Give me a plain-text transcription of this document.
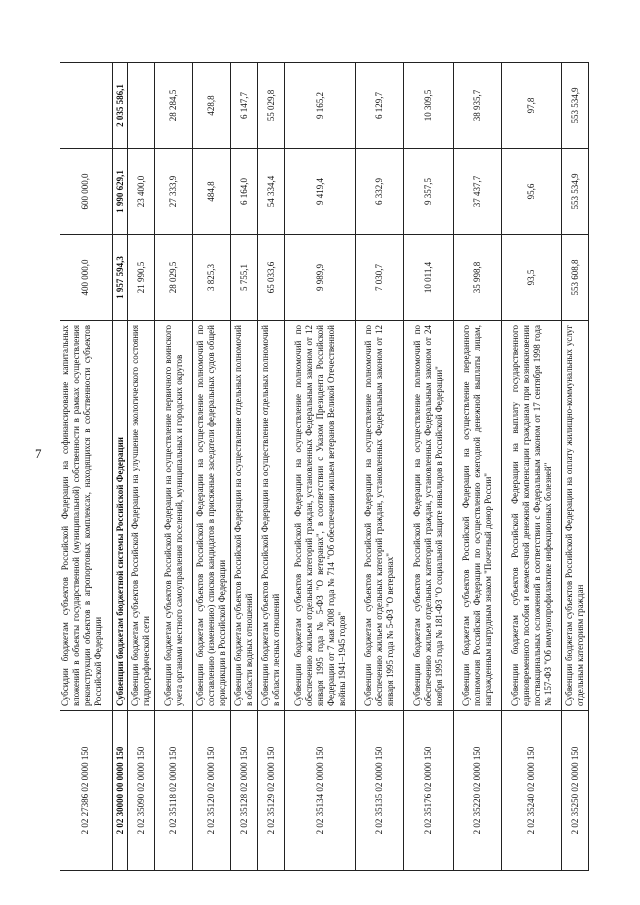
7
2 02 27386 02 0000 150	Субсидии бюджетам субъектов Российской Федерации на софинансирование капитальных вложений в объекты государственной (муниципальной) собственности в рамках осуществления реконструкции объектов в агропортовых комплексах, находящихся в собственности субъектов Российской Федерации	400 000,0	600 000,0	
2 02 30000 00 0000 150	Субвенции бюджетам бюджетной системы Российской Федерации	1 957 594,3	1 990 629,1	2 035 586,1
2 02 35090 02 0000 150	Субвенции бюджетам субъектов Российской Федерации на улучшение экологического состояния гидрографической сети	21 990,5	23 400,0	
2 02 35118 02 0000 150	Субвенции бюджетам субъектов Российской Федерации на осуществление первичного воинского учета органами местного самоуправления поселений, муниципальных и городских округов	28 029,5	27 333,9	28 284,5
2 02 35120 02 0000 150	Субвенции бюджетам субъектов Российской Федерации на осуществление полномочий по составлению (изменению) списков кандидатов в присяжные заседатели федеральных судов общей юрисдикции в Российской Федерации	3 825,3	484,8	428,8
2 02 35128 02 0000 150	Субвенции бюджетам субъектов Российской Федерации на осуществление отдельных полномочий в области водных отношений	5 755,1	6 164,0	6 147,7
2 02 35129 02 0000 150	Субвенции бюджетам субъектов Российской Федерации на осуществление отдельных полномочий в области лесных отношений	65 033,6	54 334,4	55 029,8
2 02 35134 02 0000 150	Субвенции бюджетам субъектов Российской Федерации на осуществление полномочий по обеспечению жильем отдельных категорий граждан, установленных Федеральным законом от 12 января 1995 года № 5-ФЗ "О ветеранах", в соответствии с Указом Президента Российской Федерации от 7 мая 2008 года № 714 "Об обеспечении жильем ветеранов Великой Отечественной войны 1941–1945 годов"	9 989,9	9 419,4	9 165,2
2 02 35135 02 0000 150	Субвенции бюджетам субъектов Российской Федерации на осуществление полномочий по обеспечению жильем отдельных категорий граждан, установленных Федеральным законом от 12 января 1995 года № 5-ФЗ "О ветеранах"	7 030,7	6 332,9	6 129,7
2 02 35176 02 0000 150	Субвенции бюджетам субъектов Российской Федерации на осуществление полномочий по обеспечению жильем отдельных категорий граждан, установленных Федеральным законом от 24 ноября 1995 года № 181-ФЗ "О социальной защите инвалидов в Российской Федерации"	10 011,4	9 357,5	10 309,5
2 02 35220 02 0000 150	Субвенции бюджетам субъектов Российской Федерации на осуществление переданного полномочия Российской Федерации по осуществлению ежегодной денежной выплаты лицам, награжденным нагрудным знаком "Почетный донор России"	35 998,8	37 437,7	38 935,7
2 02 35240 02 0000 150	Субвенции бюджетам субъектов Российской Федерации на выплату государственного единовременного пособия и ежемесячной денежной компенсации гражданам при возникновении поствакцинальных осложнений в соответствии с Федеральным законом от 17 сентября 1998 года № 157-ФЗ "Об иммунопрофилактике инфекционных болезней"	93,5	95,6	97,8
2 02 35250 02 0000 150	Субвенции бюджетам субъектов Российской Федерации на оплату жилищно-коммунальных услуг отдельным категориям граждан	553 608,8	553 534,9	553 534,9
